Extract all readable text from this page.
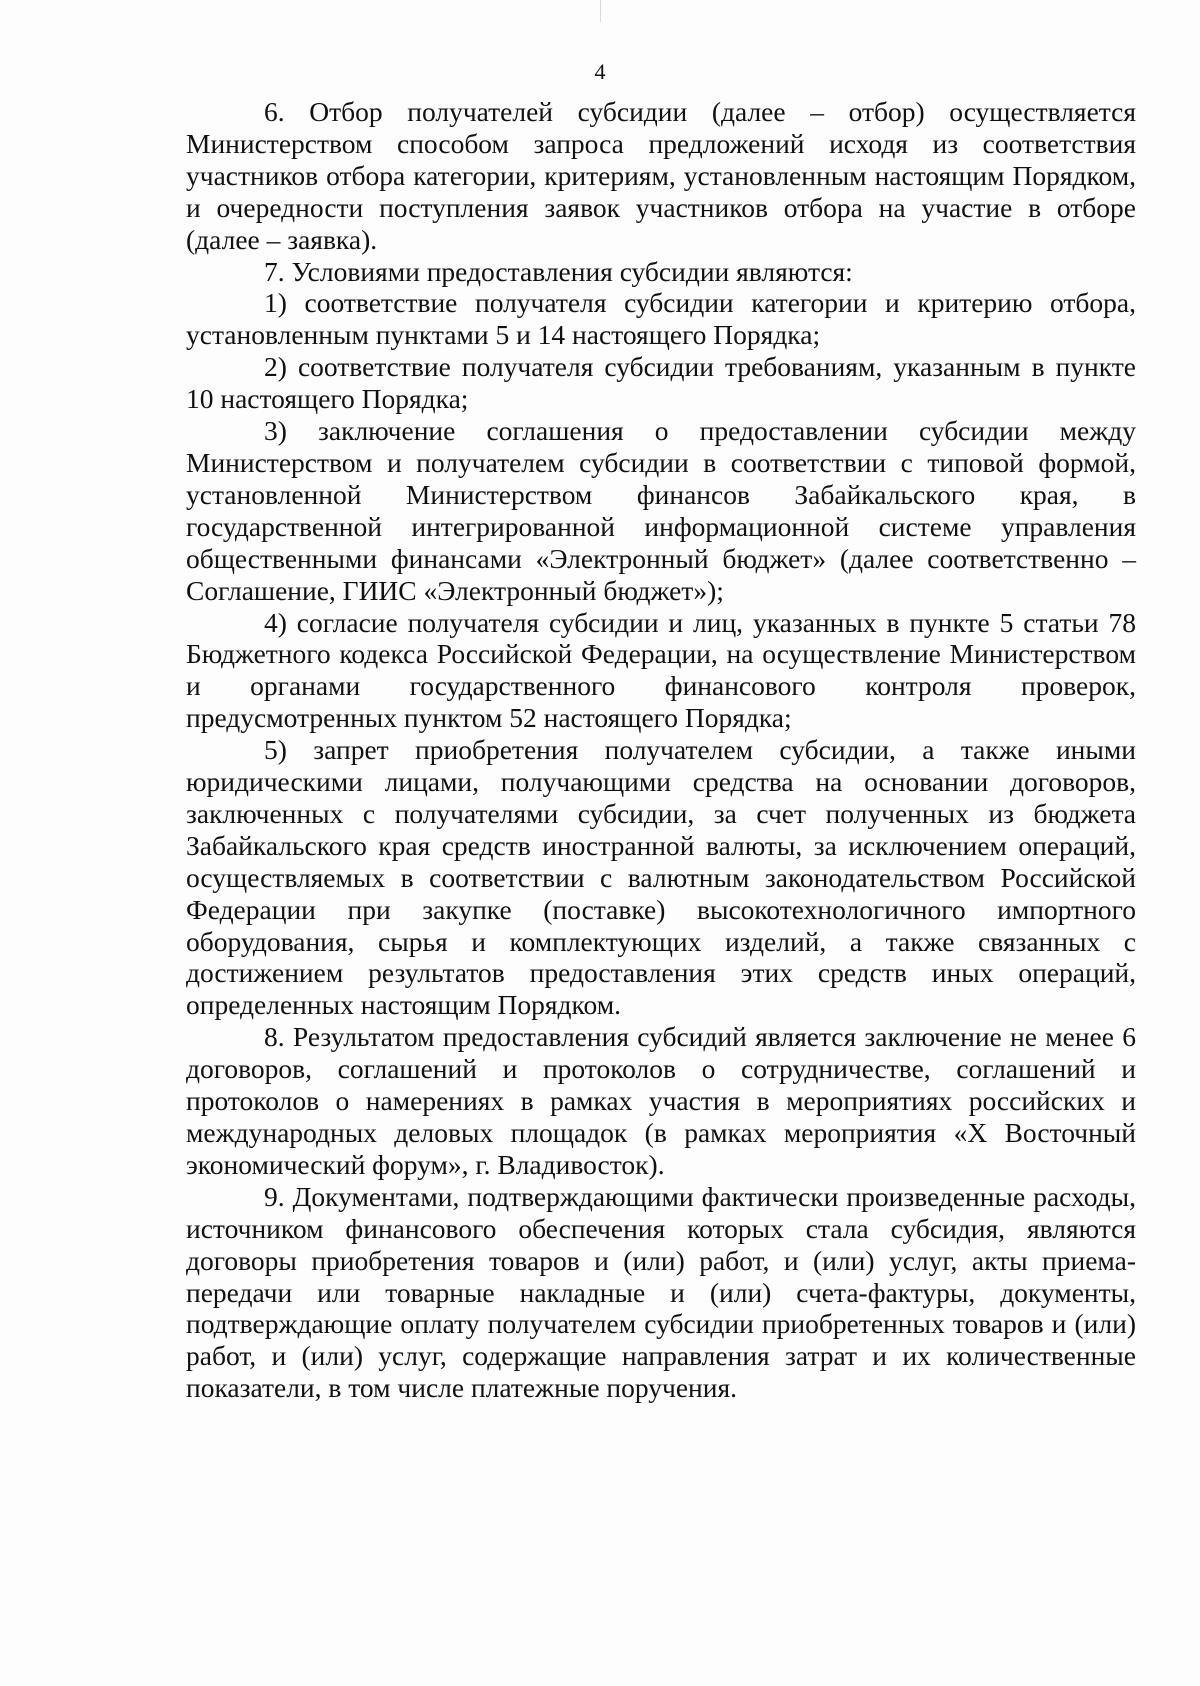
4

6. Отбор получателей субсидии (далее – отбор) осуществляется Министерством способом запроса предложений исходя из соответствия участников отбора категории, критериям, установленным настоящим Порядком, и очередности поступления заявок участников отбора на участие в отборе (далее – заявка).

7. Условиями предоставления субсидии являются:

1) соответствие получателя субсидии категории и критерию отбора, установленным пунктами 5 и 14 настоящего Порядка;

2) соответствие получателя субсидии требованиям, указанным в пункте 10 настоящего Порядка;

3) заключение соглашения о предоставлении субсидии между Министерством и получателем субсидии в соответствии с типовой формой, установленной Министерством финансов Забайкальского края, в государственной интегрированной информационной системе управления общественными финансами «Электронный бюджет» (далее соответственно – Соглашение, ГИИС «Электронный бюджет»);

4) согласие получателя субсидии и лиц, указанных в пункте 5 статьи 78 Бюджетного кодекса Российской Федерации, на осуществление Министерством и органами государственного финансового контроля проверок, предусмотренных пунктом 52 настоящего Порядка;

5) запрет приобретения получателем субсидии, а также иными юридическими лицами, получающими средства на основании договоров, заключенных с получателями субсидии, за счет полученных из бюджета Забайкальского края средств иностранной валюты, за исключением операций, осуществляемых в соответствии с валютным законодательством Российской Федерации при закупке (поставке) высокотехнологичного импортного оборудования, сырья и комплектующих изделий, а также связанных с достижением результатов предоставления этих средств иных операций, определенных настоящим Порядком.

8. Результатом предоставления субсидий является заключение не менее 6 договоров, соглашений и протоколов о сотрудничестве, соглашений и протоколов о намерениях в рамках участия в мероприятиях российских и международных деловых площадок (в рамках мероприятия «X Восточный экономический форум», г. Владивосток).

9. Документами, подтверждающими фактически произведенные расходы, источником финансового обеспечения которых стала субсидия, являются договоры приобретения товаров и (или) работ, и (или) услуг, акты приема-передачи или товарные накладные и (или) счета-фактуры, документы, подтверждающие оплату получателем субсидии приобретенных товаров и (или) работ, и (или) услуг, содержащие направления затрат и их количественные показатели, в том числе платежные поручения.
